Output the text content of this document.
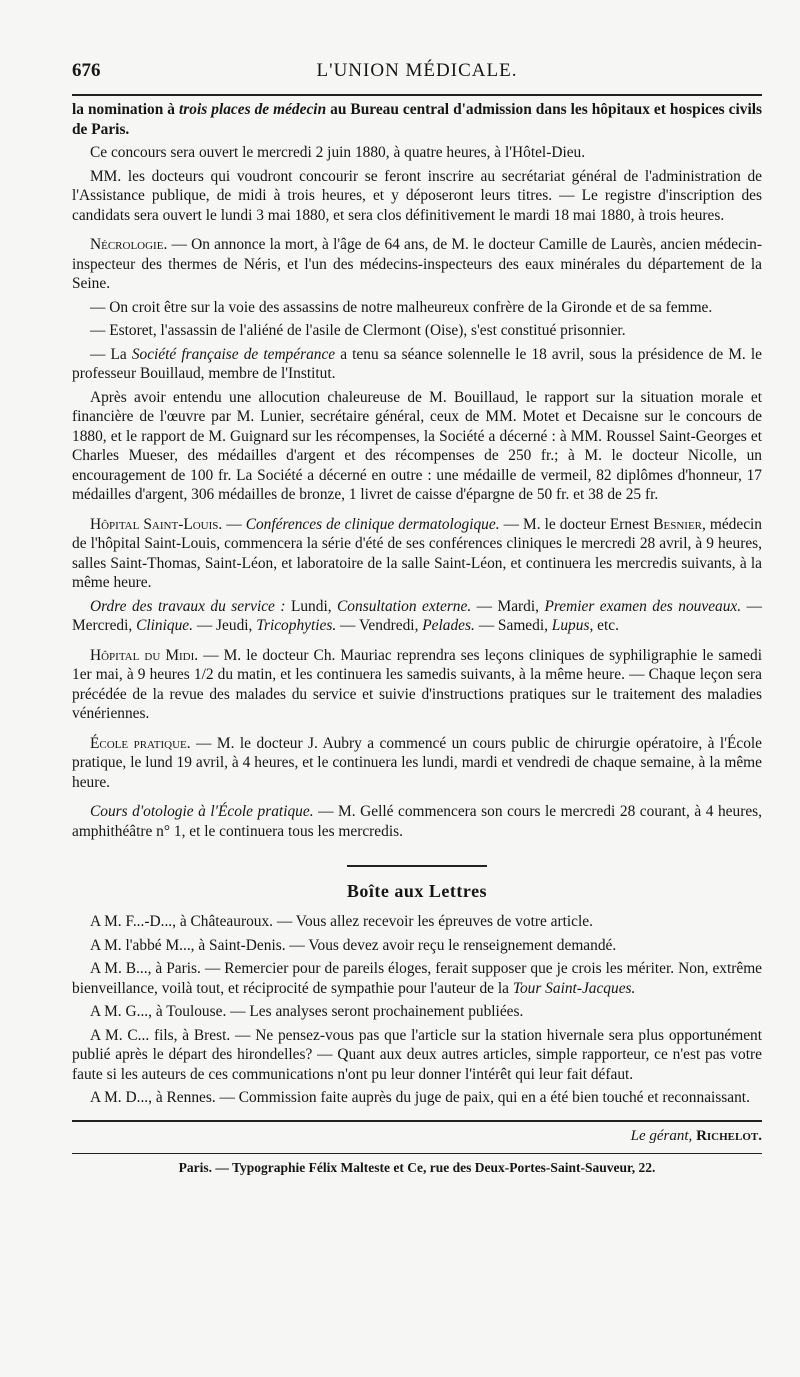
676	L'UNION MÉDICALE.

la nomination à trois places de médecin au Bureau central d'admission dans les hôpitaux et hospices civils de Paris.

Ce concours sera ouvert le mercredi 2 juin 1880, à quatre heures, à l'Hôtel-Dieu.

MM. les docteurs qui voudront concourir se feront inscrire au secrétariat général de l'administration de l'Assistance publique, de midi à trois heures, et y déposeront leurs titres. — Le registre d'inscription des candidats sera ouvert le lundi 3 mai 1880, et sera clos définitivement le mardi 18 mai 1880, à trois heures.

Nécrologie. — On annonce la mort, à l'âge de 64 ans, de M. le docteur Camille de Laurès, ancien médecin-inspecteur des thermes de Néris, et l'un des médecins-inspecteurs des eaux minérales du département de la Seine.

— On croit être sur la voie des assassins de notre malheureux confrère de la Gironde et de sa femme.

— Estoret, l'assassin de l'aliéné de l'asile de Clermont (Oise), s'est constitué prisonnier.

— La Société française de tempérance a tenu sa séance solennelle le 18 avril, sous la présidence de M. le professeur Bouillaud, membre de l'Institut.

Après avoir entendu une allocution chaleureuse de M. Bouillaud, le rapport sur la situation morale et financière de l'œuvre par M. Lunier, secrétaire général, ceux de MM. Motet et Decaisne sur le concours de 1880, et le rapport de M. Guignard sur les récompenses, la Société a décerné : à MM. Roussel Saint-Georges et Charles Mueser, des médailles d'argent et des récompenses de 250 fr.; à M. le docteur Nicolle, un encouragement de 100 fr. La Société a décerné en outre : une médaille de vermeil, 82 diplômes d'honneur, 17 médailles d'argent, 306 médailles de bronze, 1 livret de caisse d'épargne de 50 fr. et 38 de 25 fr.

Hôpital Saint-Louis. — Conférences de clinique dermatologique. — M. le docteur Ernest Besnier, médecin de l'hôpital Saint-Louis, commencera la série d'été de ses conférences cliniques le mercredi 28 avril, à 9 heures, salles Saint-Thomas, Saint-Léon, et laboratoire de la salle Saint-Léon, et continuera les mercredis suivants, à la même heure.

Ordre des travaux du service : Lundi, Consultation externe. — Mardi, Premier examen des nouveaux. — Mercredi, Clinique. — Jeudi, Tricophyties. — Vendredi, Pelades. — Samedi, Lupus, etc.

Hôpital du Midi. — M. le docteur Ch. Mauriac reprendra ses leçons cliniques de syphiligraphie le samedi 1er mai, à 9 heures 1/2 du matin, et les continuera les samedis suivants, à la même heure. — Chaque leçon sera précédée de la revue des malades du service et suivie d'instructions pratiques sur le traitement des maladies vénériennes.

École pratique. — M. le docteur J. Aubry a commencé un cours public de chirurgie opératoire, à l'École pratique, le lund 19 avril, à 4 heures, et le continuera les lundi, mardi et vendredi de chaque semaine, à la même heure.

Cours d'otologie à l'École pratique. — M. Gellé commencera son cours le mercredi 28 courant, à 4 heures, amphithéâtre n° 1, et le continuera tous les mercredis.

Boîte aux Lettres

A M. F...-D..., à Châteauroux. — Vous allez recevoir les épreuves de votre article.

A M. l'abbé M..., à Saint-Denis. — Vous devez avoir reçu le renseignement demandé.

A M. B..., à Paris. — Remercier pour de pareils éloges, ferait supposer que je crois les mériter. Non, extrême bienveillance, voilà tout, et réciprocité de sympathie pour l'auteur de la Tour Saint-Jacques.

A M. G..., à Toulouse. — Les analyses seront prochainement publiées.

A M. C... fils, à Brest. — Ne pensez-vous pas que l'article sur la station hivernale sera plus opportunément publié après le départ des hirondelles? — Quant aux deux autres articles, simple rapporteur, ce n'est pas votre faute si les auteurs de ces communications n'ont pu leur donner l'intérêt qui leur fait défaut.

A M. D..., à Rennes. — Commission faite auprès du juge de paix, qui en a été bien touché et reconnaissant.

Le gérant, Richelot.
Paris. — Typographie Félix Malteste et Ce, rue des Deux-Portes-Saint-Sauveur, 22.
